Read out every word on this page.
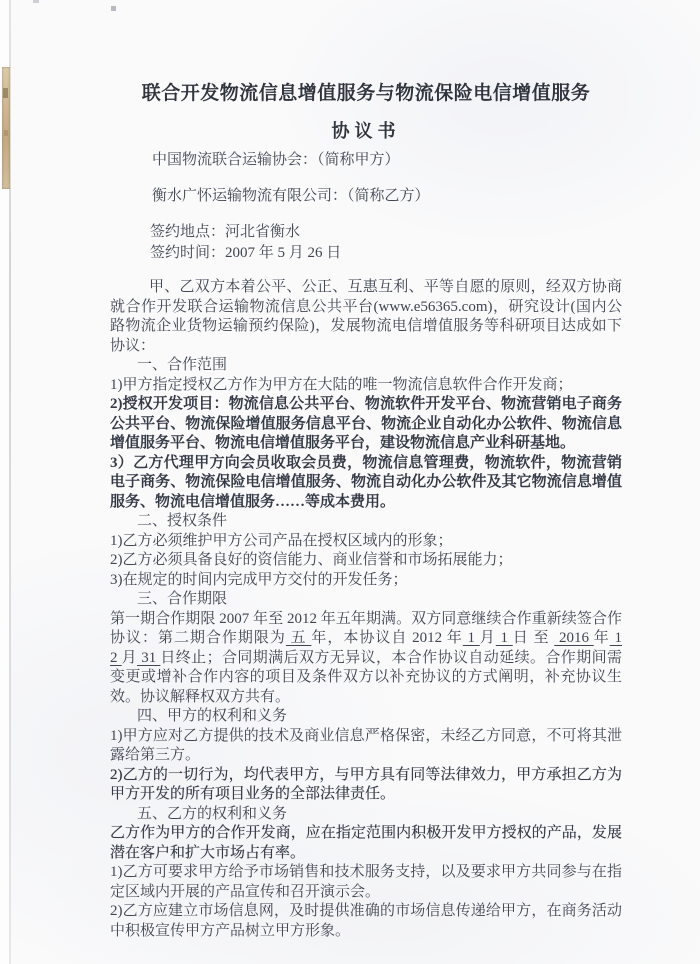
联合开发物流信息增值服务与物流保险电信增值服务
协议书

中国物流联合运输协会：（简称甲方）

衡水广怀运输物流有限公司：（简称乙方）

签约地点：河北省衡水

签约时间：2007 年 5 月 26 日

甲、乙双方本着公平、公正、互惠互利、平等自愿的原则，经双方协商就合作开发联合运输物流信息公共平台(www.e56365.com)，研究设计(国内公路物流企业货物运输预约保险)，发展物流电信增值服务等科研项目达成如下协议：

一、合作范围

1)甲方指定授权乙方作为甲方在大陆的唯一物流信息软件合作开发商；

2)授权开发项目：物流信息公共平台、物流软件开发平台、物流营销电子商务公共平台、物流保险增值服务信息平台、物流企业自动化办公软件、物流信息增值服务平台、物流电信增值服务平台，建设物流信息产业科研基地。

3）乙方代理甲方向会员收取会员费，物流信息管理费，物流软件，物流营销电子商务、物流保险电信增值服务、物流自动化办公软件及其它物流信息增值服务、物流电信增值服务……等成本费用。

二、授权条件

1)乙方必须维护甲方公司产品在授权区域内的形象；

2)乙方必须具备良好的资信能力、商业信誉和市场拓展能力；

3)在规定的时间内完成甲方交付的开发任务；

三、合作期限

第一期合作期限 2007 年至 2012 年五年期满。双方同意继续合作重新续签合作协议：第二期合作期限为 五 年，本协议自 2012 年 1 月 1 日 至  2016 年 12 月 31 日终止；合同期满后双方无异议，本合作协议自动延续。合作期间需变更或增补合作内容的项目及条件双方以补充协议的方式阐明，补充协议生效。协议解释权双方共有。

四、甲方的权利和义务

1)甲方应对乙方提供的技术及商业信息严格保密，未经乙方同意，不可将其泄露给第三方。

2)乙方的一切行为，均代表甲方，与甲方具有同等法律效力，甲方承担乙方为甲方开发的所有项目业务的全部法律责任。

五、乙方的权利和义务

乙方作为甲方的合作开发商，应在指定范围内积极开发甲方授权的产品，发展潜在客户和扩大市场占有率。

1)乙方可要求甲方给予市场销售和技术服务支持，以及要求甲方共同参与在指定区域内开展的产品宣传和召开演示会。

2)乙方应建立市场信息网，及时提供准确的市场信息传递给甲方，在商务活动中积极宣传甲方产品树立甲方形象。
